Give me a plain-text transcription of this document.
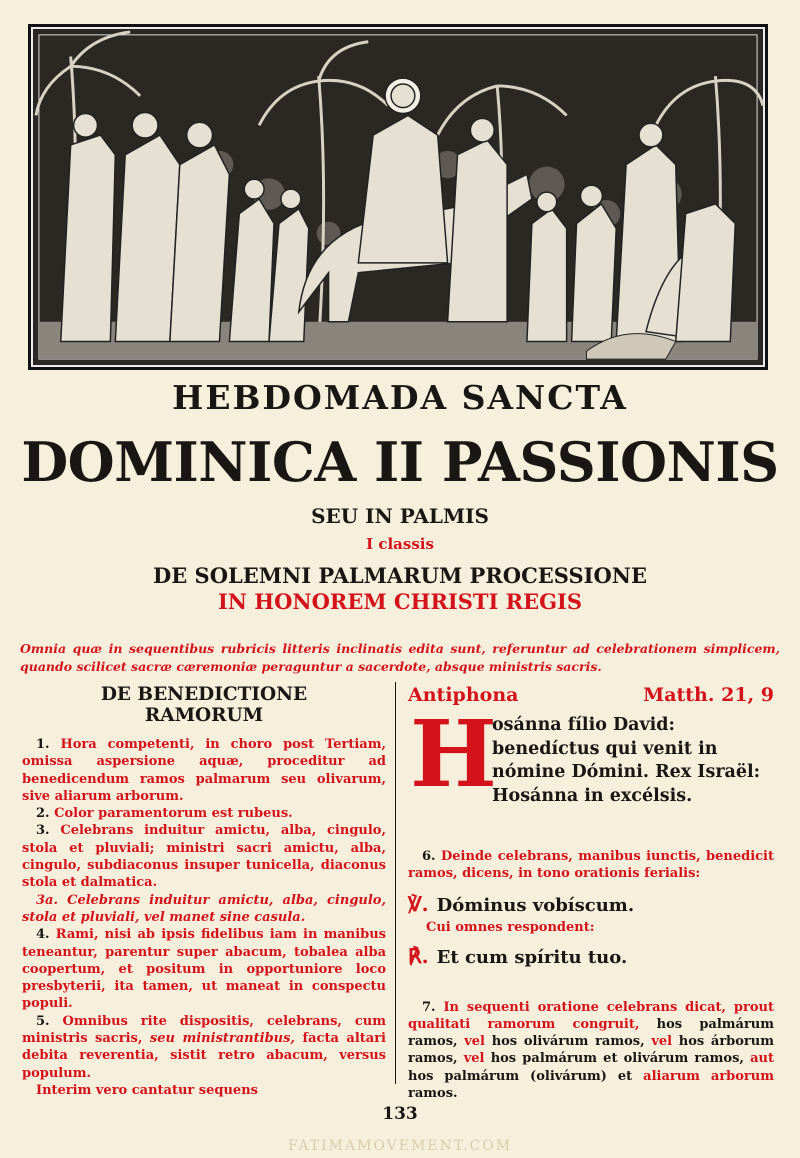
HEBDOMADA SANCTA
DOMINICA II PASSIONIS
SEU IN PALMIS
I classis
DE SOLEMNI PALMARUM PROCESSIONE
IN HONOREM CHRISTI REGIS

Omnia quæ in sequentibus rubricis litteris inclinatis edita sunt, referuntur ad celebrationem simplicem, quando scilicet sacræ cæremoniæ peraguntur a sacerdote, absque ministris sacris.

DE BENEDICTIONE
RAMORUM

1. Hora competenti, in choro post Tertiam, omissa aspersione aquæ, proceditur ad benedicendum ramos palmarum seu olivarum, sive aliarum arborum.

2. Color paramentorum est rubeus.

3. Celebrans induitur amictu, alba, cingulo, stola et pluviali; ministri sacri amictu, alba, cingulo, subdiaconus insuper tunicella, diaconus stola et dalmatica.

3a. Celebrans induitur amictu, alba, cingulo, stola et pluviali, vel manet sine casula.

4. Rami, nisi ab ipsis fidelibus iam in manibus teneantur, parentur super abacum, tobalea alba coopertum, et positum in opportuniore loco presbyterii, ita tamen, ut maneat in conspectu populi.

5. Omnibus rite dispositis, celebrans, cum ministris sacris, seu ministrantibus, facta altari debita reverentia, sistit retro abacum, versus populum.

Interim vero cantatur sequens

Antiphona	Matth. 21, 9
H
osánna fílio David: benedíctus qui venit in nómine Dómini. Rex Israël: Hosánna in excélsis.

6. Deinde celebrans, manibus iunctis, benedicit ramos, dicens, in tono orationis ferialis:

℣. Dóminus vobíscum.

Cui omnes respondent:

℟. Et cum spíritu tuo.

7. In sequenti oratione celebrans dicat, prout qualitati ramorum congruit, hos palmárum ramos, vel hos olivárum ramos, vel hos árborum ramos, vel hos palmárum et olivárum ramos, aut hos palmárum (olivárum) et aliarum arborum ramos.

133
FATIMAMOVEMENT.COM
